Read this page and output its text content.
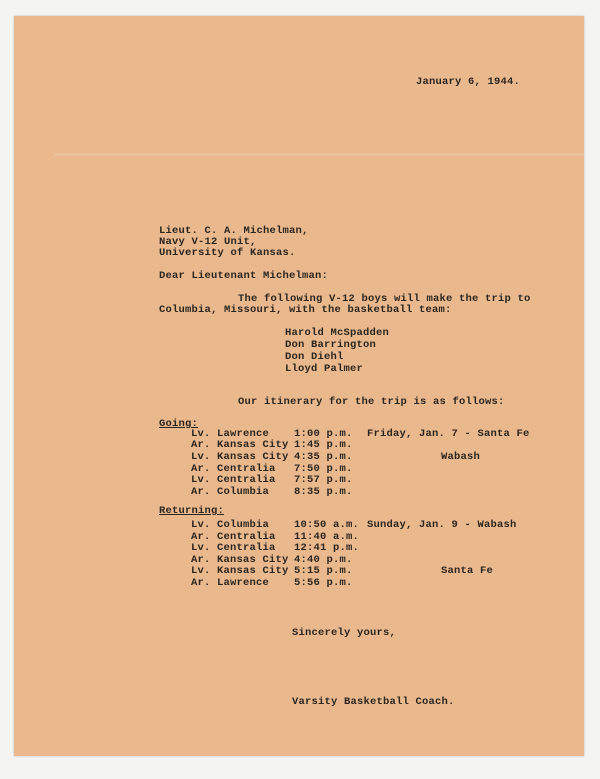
January 6, 1944.

Lieut. C. A. Michelman,

Navy V-12 Unit,

University of Kansas.

Dear Lieutenant Michelman:

The following V-12 boys will make the trip to

Columbia, Missouri, with the basketball team:

Harold McSpadden

Don Barrington

Don Diehl

Lloyd Palmer

Our itinerary for the trip is as follows:

Going:

Lv. Lawrence 1:00 p.m. Friday, Jan. 7 - Santa Fe

Ar. Kansas City 1:45 p.m.

Lv. Kansas City 4:35 p.m.	Wabash

Ar. Centralia 7:50 p.m.

Lv. Centralia 7:57 p.m.

Ar. Columbia 8:35 p.m.

Returning:

Lv. Columbia 10:50 a.m. Sunday, Jan. 9 - Wabash

Ar. Centralia 11:40 a.m.

Lv. Centralia 12:41 p.m.

Ar. Kansas City 4:40 p.m.

Lv. Kansas City 5:15 p.m.	Santa Fe

Ar. Lawrence 5:56 p.m.

Sincerely yours,

Varsity Basketball Coach.
